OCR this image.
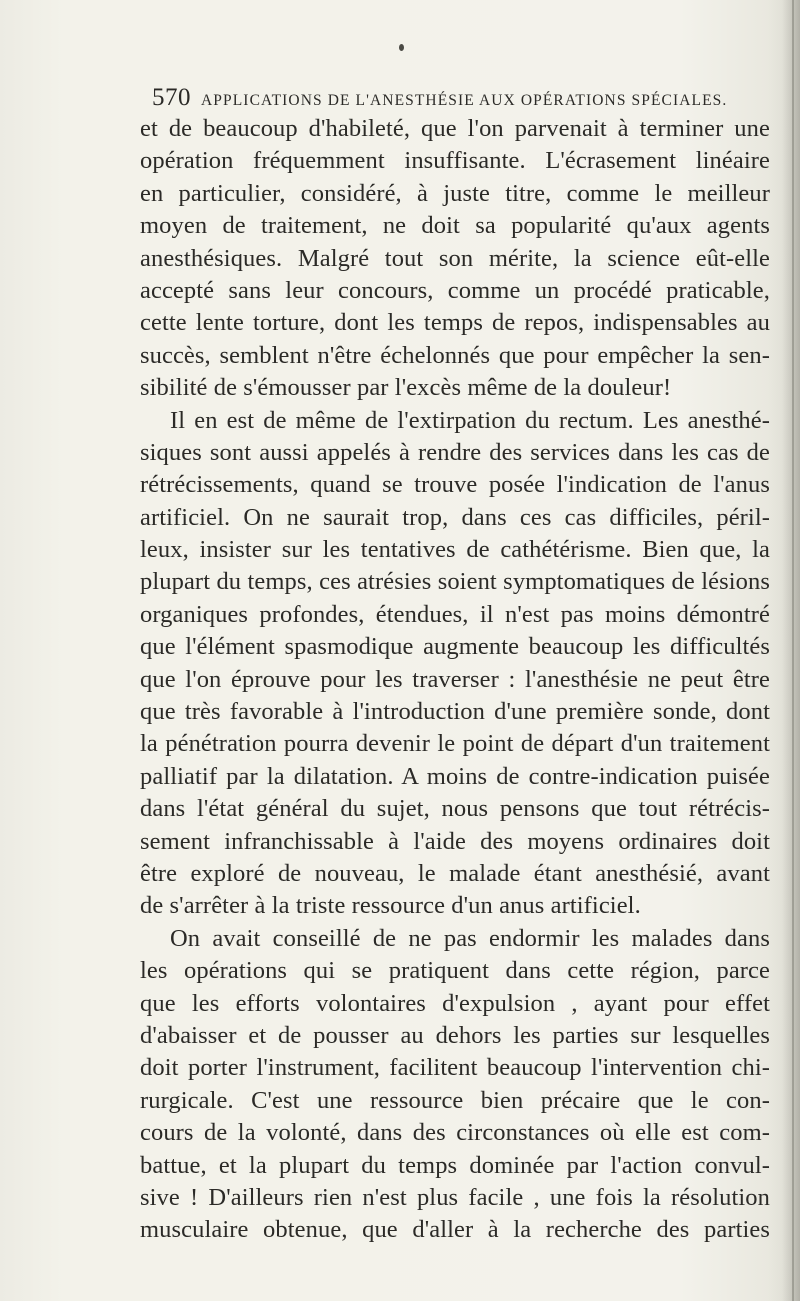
570 APPLICATIONS DE L'ANESTHÉSIE AUX OPÉRATIONS SPÉCIALES.
et de beaucoup d'habileté, que l'on parvenait à terminer une
opération fréquemment insuffisante. L'écrasement linéaire
en particulier, considéré, à juste titre, comme le meilleur
moyen de traitement, ne doit sa popularité qu'aux agents
anesthésiques. Malgré tout son mérite, la science eût-elle
accepté sans leur concours, comme un procédé praticable,
cette lente torture, dont les temps de repos, indispensables au
succès, semblent n'être échelonnés que pour empêcher la sen-
sibilité de s'émousser par l'excès même de la douleur!
Il en est de même de l'extirpation du rectum. Les anesthé-
siques sont aussi appelés à rendre des services dans les cas de
rétrécissements, quand se trouve posée l'indication de l'anus
artificiel. On ne saurait trop, dans ces cas difficiles, péril-
leux, insister sur les tentatives de cathétérisme. Bien que, la
plupart du temps, ces atrésies soient symptomatiques de lésions
organiques profondes, étendues, il n'est pas moins démontré
que l'élément spasmodique augmente beaucoup les difficultés
que l'on éprouve pour les traverser : l'anesthésie ne peut être
que très favorable à l'introduction d'une première sonde, dont
la pénétration pourra devenir le point de départ d'un traitement
palliatif par la dilatation. A moins de contre-indication puisée
dans l'état général du sujet, nous pensons que tout rétrécis-
sement infranchissable à l'aide des moyens ordinaires doit
être exploré de nouveau, le malade étant anesthésié, avant
de s'arrêter à la triste ressource d'un anus artificiel.
On avait conseillé de ne pas endormir les malades dans
les opérations qui se pratiquent dans cette région, parce
que les efforts volontaires d'expulsion , ayant pour effet
d'abaisser et de pousser au dehors les parties sur lesquelles
doit porter l'instrument, facilitent beaucoup l'intervention chi-
rurgicale. C'est une ressource bien précaire que le con-
cours de la volonté, dans des circonstances où elle est com-
battue, et la plupart du temps dominée par l'action convul-
sive ! D'ailleurs rien n'est plus facile , une fois la résolution
musculaire obtenue, que d'aller à la recherche des parties
